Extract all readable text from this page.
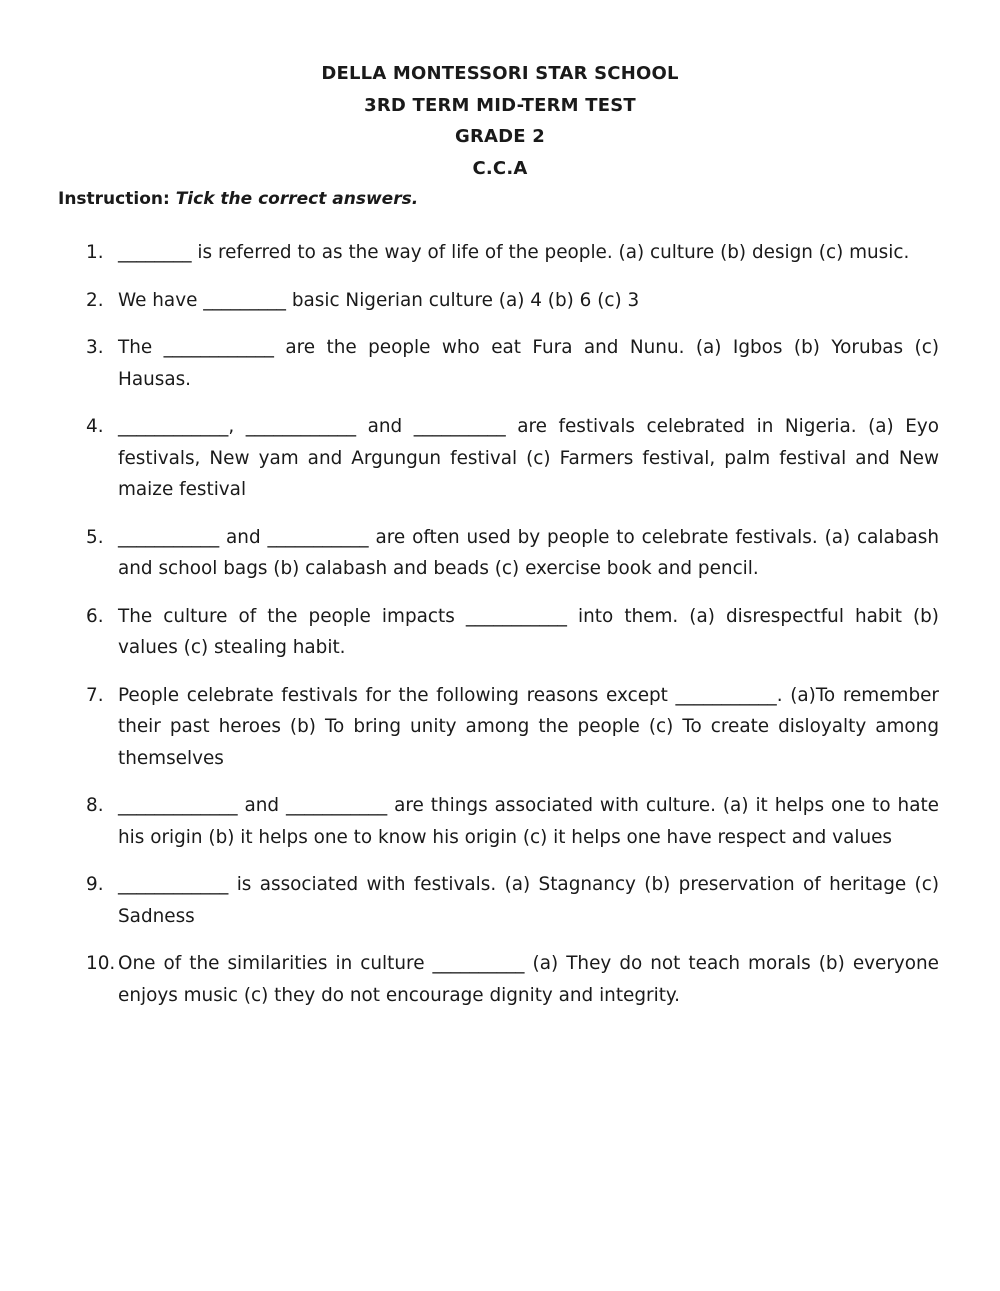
DELLA MONTESSORI STAR SCHOOL
3RD TERM MID-TERM TEST
GRADE 2
C.C.A
Instruction: Tick the correct answers.
1. ________ is referred to as the way of life of the people. (a) culture (b) design (c) music.
2. We have _________ basic Nigerian culture (a) 4 (b) 6 (c) 3
3. The ____________ are the people who eat Fura and Nunu. (a) Igbos (b) Yorubas (c) Hausas.
4. ____________, ____________ and __________ are festivals celebrated in Nigeria. (a) Eyo festivals, New yam and Argungun festival (c) Farmers festival, palm festival and New maize festival
5. ___________ and ___________ are often used by people to celebrate festivals. (a) calabash and school bags (b) calabash and beads (c) exercise book and pencil.
6. The culture of the people impacts ___________ into them. (a) disrespectful habit (b) values (c) stealing habit.
7. People celebrate festivals for the following reasons except ___________. (a)To remember their past heroes (b) To bring unity among the people (c) To create disloyalty among themselves
8. _____________ and ___________ are things associated with culture. (a) it helps one to hate his origin (b) it helps one to know his origin (c) it helps one have respect and values
9. ____________ is associated with festivals. (a) Stagnancy (b) preservation of heritage (c) Sadness
10. One of the similarities in culture __________ (a) They do not teach morals (b) everyone enjoys music (c) they do not encourage dignity and integrity.
